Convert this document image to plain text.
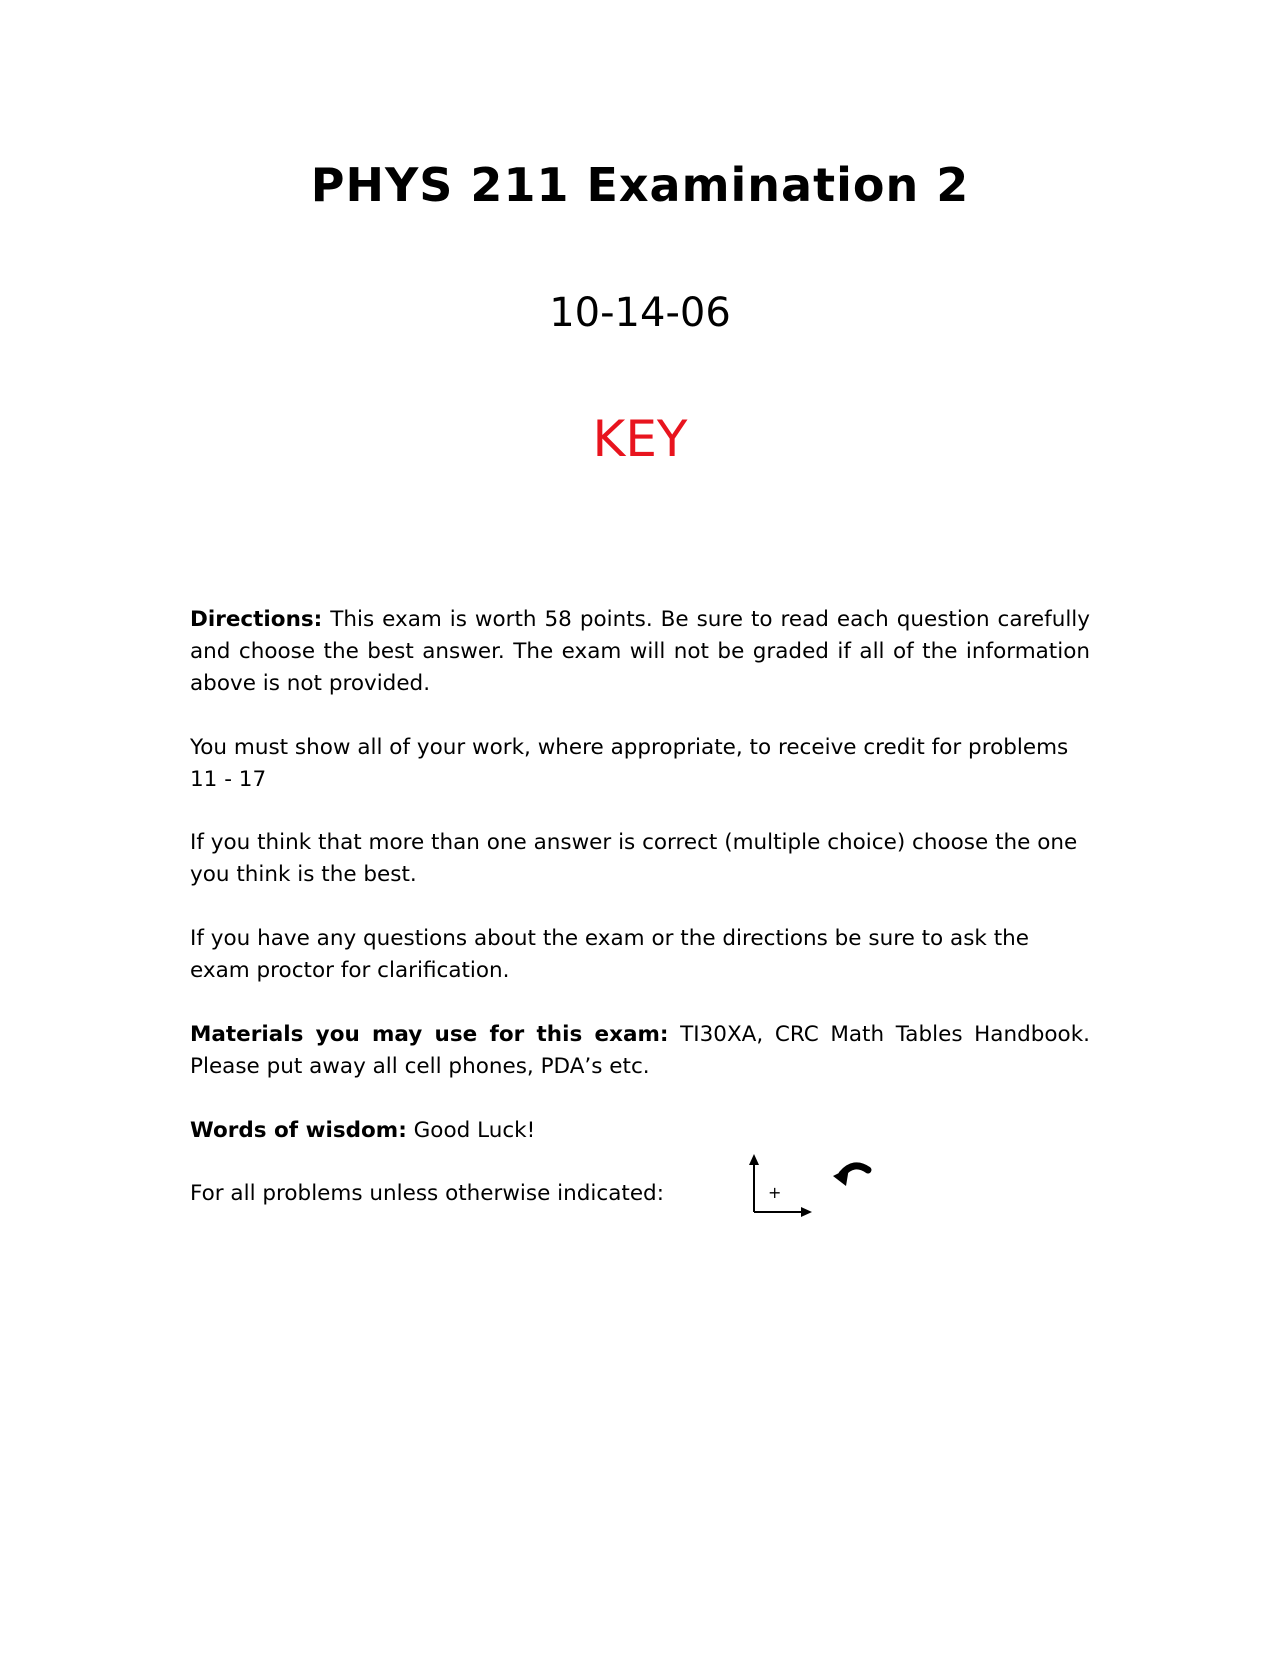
PHYS 211 Examination 2
10-14-06
KEY

Directions: This exam is worth 58 points. Be sure to read each question carefully and choose the best answer. The exam will not be graded if all of the information above is not provided.

You must show all of your work, where appropriate, to receive credit for problems
11 - 17

If you think that more than one answer is correct (multiple choice) choose the one you think is the best.

If you have any questions about the exam or the directions be sure to ask the exam proctor for clarification.

Materials you may use for this exam: TI30XA, CRC Math Tables Handbook. Please put away all cell phones, PDA’s etc.

Words of wisdom: Good Luck!

For all problems unless otherwise indicated:	+
